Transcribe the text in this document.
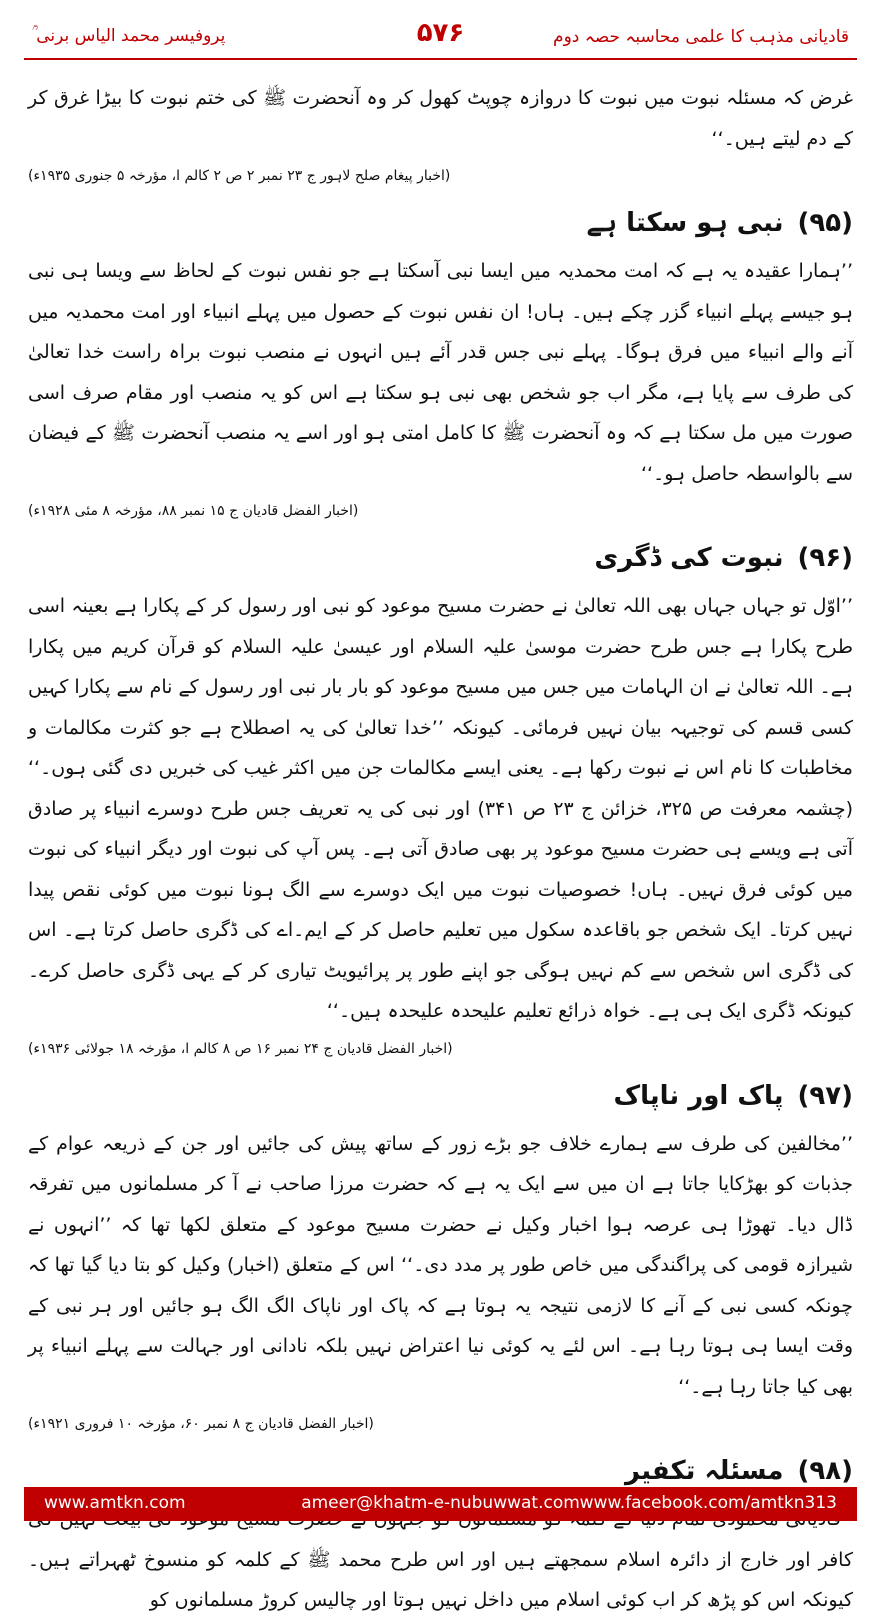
پروفیسر محمد الیاس برنی ؒ	۵۷۶	قادیانی مذہب کا علمی محاسبہ حصہ دوم

غرض کہ مسئلہ نبوت میں نبوت کا دروازہ چوپٹ کھول کر وہ آنحضرت ﷺ کی ختم نبوت کا بیڑا غرق کر کے دم لیتے ہیں۔‘‘

(اخبار پیغام صلح لاہور ج ۲۳ نمبر ۲ ص ۲ کالم ا، مؤرخہ ۵ جنوری ۱۹۳۵ء)

(۹۵)نبی ہو سکتا ہے

’’ہمارا عقیدہ یہ ہے کہ امت محمدیہ میں ایسا نبی آسکتا ہے جو نفس نبوت کے لحاظ سے ویسا ہی نبی ہو جیسے پہلے انبیاء گزر چکے ہیں۔ ہاں! ان نفس نبوت کے حصول میں پہلے انبیاء اور امت محمدیہ میں آنے والے انبیاء میں فرق ہوگا۔ پہلے نبی جس قدر آئے ہیں انہوں نے منصب نبوت براہ راست خدا تعالیٰ کی طرف سے پایا ہے، مگر اب جو شخص بھی نبی ہو سکتا ہے اس کو یہ منصب اور مقام صرف اسی صورت میں مل سکتا ہے کہ وہ آنحضرت ﷺ کا کامل امتی ہو اور اسے یہ منصب آنحضرت ﷺ کے فیضان سے بالواسطہ حاصل ہو۔‘‘

(اخبار الفضل قادیان ج ۱۵ نمبر ۸۸، مؤرخہ ۸ مئی ۱۹۲۸ء)

(۹۶)نبوت کی ڈگری

’’اوّل تو جہاں جہاں بھی اللہ تعالیٰ نے حضرت مسیح موعود کو نبی اور رسول کر کے پکارا ہے بعینہ اسی طرح پکارا ہے جس طرح حضرت موسیٰ علیہ السلام اور عیسیٰ علیہ السلام کو قرآن کریم میں پکارا ہے۔ اللہ تعالیٰ نے ان الہامات میں جس میں مسیح موعود کو بار بار نبی اور رسول کے نام سے پکارا کہیں کسی قسم کی توجیہہ بیان نہیں فرمائی۔ کیونکہ ’’خدا تعالیٰ کی یہ اصطلاح ہے جو کثرت مکالمات و مخاطبات کا نام اس نے نبوت رکھا ہے۔ یعنی ایسے مکالمات جن میں اکثر غیب کی خبریں دی گئی ہوں۔‘‘ (چشمہ معرفت ص ۳۲۵، خزائن ج ۲۳ ص ۳۴۱) اور نبی کی یہ تعریف جس طرح دوسرے انبیاء پر صادق آتی ہے ویسے ہی حضرت مسیح موعود پر بھی صادق آتی ہے۔ پس آپ کی نبوت اور دیگر انبیاء کی نبوت میں کوئی فرق نہیں۔ ہاں! خصوصیات نبوت میں ایک دوسرے سے الگ ہونا نبوت میں کوئی نقص پیدا نہیں کرتا۔ ایک شخص جو باقاعدہ سکول میں تعلیم حاصل کر کے ایم۔اے کی ڈگری حاصل کرتا ہے۔ اس کی ڈگری اس شخص سے کم نہیں ہوگی جو اپنے طور پر پرائیویٹ تیاری کر کے یہی ڈگری حاصل کرے۔ کیونکہ ڈگری ایک ہی ہے۔ خواہ ذرائع تعلیم علیحدہ علیحدہ ہیں۔‘‘

(اخبار الفضل قادیان ج ۲۴ نمبر ۱۶ ص ۸ کالم ا، مؤرخہ ۱۸ جولائی ۱۹۳۶ء)

(۹۷)پاک اور ناپاک

’’مخالفین کی طرف سے ہمارے خلاف جو بڑے زور کے ساتھ پیش کی جائیں اور جن کے ذریعہ عوام کے جذبات کو بھڑکایا جاتا ہے ان میں سے ایک یہ ہے کہ حضرت مرزا صاحب نے آ کر مسلمانوں میں تفرقہ ڈال دیا۔ تھوڑا ہی عرصہ ہوا اخبار وکیل نے حضرت مسیح موعود کے متعلق لکھا تھا کہ ’’انہوں نے شیرازہ قومی کی پراگندگی میں خاص طور پر مدد دی۔‘‘ اس کے متعلق (اخبار) وکیل کو بتا دیا گیا تھا کہ چونکہ کسی نبی کے آنے کا لازمی نتیجہ یہ ہوتا ہے کہ پاک اور ناپاک الگ الگ ہو جائیں اور ہر نبی کے وقت ایسا ہی ہوتا رہا ہے۔ اس لئے یہ کوئی نیا اعتراض نہیں بلکہ نادانی اور جہالت سے پہلے انبیاء پر بھی کیا جاتا رہا ہے۔‘‘

(اخبار الفضل قادیان ج ۸ نمبر ۶۰، مؤرخہ ۱۰ فروری ۱۹۲۱ء)

(۹۸)مسئلہ تکفیر

کافر اور خارج از دائرہ اسلام سمجھتے ہیں اور اس طرح محمد ﷺ کے کلمہ کو منسوخ ٹھہراتے ہیں۔ کیونکہ اس کو پڑھ کر اب کوئی اسلام میں داخل نہیں ہوتا اور چالیس کروڑ مسلمانوں کو

www.amtkn.com	ameer@khatm-e-nubuwwat.com www.facebook.com/amtkn313
